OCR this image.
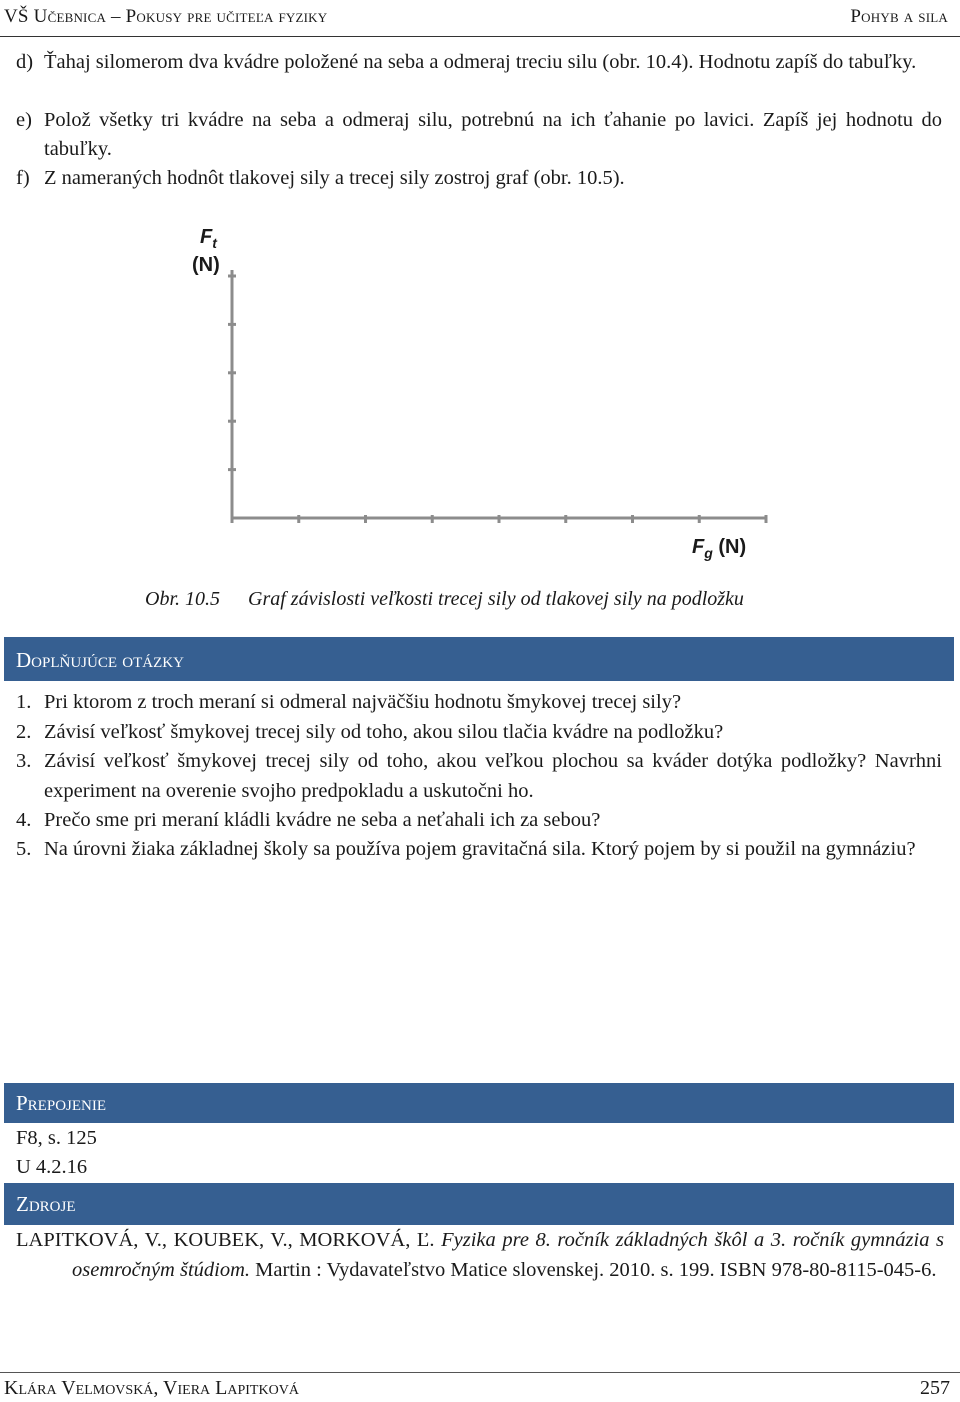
VŠ Učebnica – Pokusy pre učiteľa fyziky	Pohyb a sila
d) Ťahaj silomerom dva kvádre položené na seba a odmeraj treciu silu (obr. 10.4). Hodnotu zapíš do tabuľky.
e) Polož všetky tri kvádre na seba a odmeraj silu, potrebnú na ich ťahanie po lavici. Zapíš jej hodnotu do tabuľky.
f) Z nameraných hodnôt tlakovej sily a trecej sily zostroj graf (obr. 10.5).
$F_t$
(N)
$F_g$ (N)
Obr. 10.5 Graf závislosti veľkosti trecej sily od tlakovej sily na podložku
Doplňujúce otázky
1. Pri ktorom z troch meraní si odmeral najväčšiu hodnotu šmykovej trecej sily?
2. Závisí veľkosť šmykovej trecej sily od toho, akou silou tlačia kvádre na podložku?
3. Závisí veľkosť šmykovej trecej sily od toho, akou veľkou plochou sa kváder dotýka podložky? Navrhni experiment na overenie svojho predpokladu a uskutočni ho.
4. Prečo sme pri meraní kládli kvádre ne seba a neťahali ich za sebou?
5. Na úrovni žiaka základnej školy sa používa pojem gravitačná sila. Ktorý pojem by si použil na gymnáziu?
Prepojenie
F8, s. 125
U 4.2.16
Zdroje
LAPITKOVÁ, V., KOUBEK, V., MORKOVÁ, Ľ. Fyzika pre 8. ročník základných škôl a 3. ročník gymnázia s osemročným štúdiom. Martin : Vydavateľstvo Matice slovenskej. 2010. s. 199. ISBN 978-80-8115-045-6.
Klára Velmovská, Viera Lapitková	257
